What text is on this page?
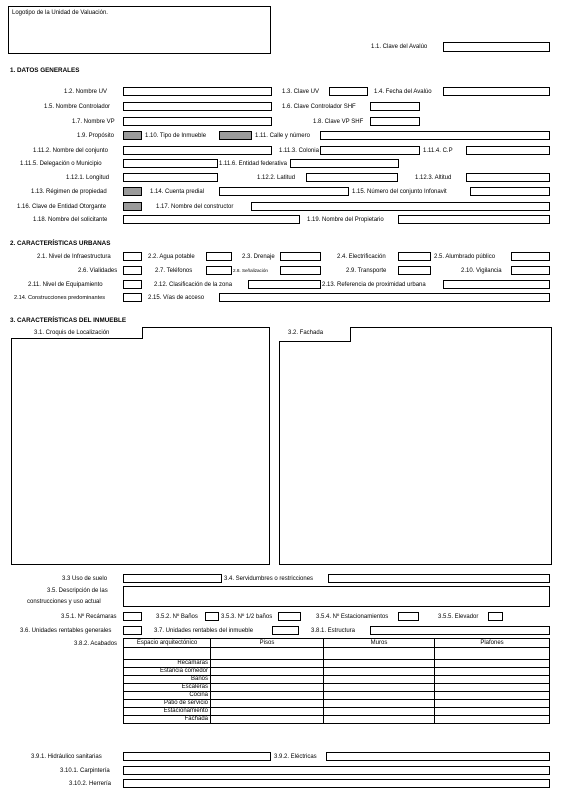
Logotipo de la Unidad de Valuación.
1.1. Clave del Avalúo
1. DATOS GENERALES
1.2. Nombre UV	1.3. Clave UV	1.4. Fecha del Avalúo
1.5. Nombre Controlador	1.6. Clave Controlador SHF
1.7. Nombre VP	1.8. Clave VP SHF
1.9. Propósito	1.10. Tipo de Inmueble	1.11. Calle y número
1.11.2. Nombre del conjunto	1.11.3. Colonia	1.11.4. C.P
1.11.5. Delegación o Municipio	1.11.6. Entidad federativa
1.12.1. Longitud	1.12.2. Latitud	1.12.3. Altitud
1.13. Régimen de propiedad	1.14. Cuenta predial	1.15. Número del conjunto Infonavit
1.16. Clave de Entidad Otorgante	1.17. Nombre del constructor
1.18. Nombre del solicitante	1.19. Nombre del Propietario
2. CARACTERÍSTICAS URBANAS
2.1. Nivel de Infraestructura	2.2. Agua potable	2.3. Drenaje	2.4. Electrificación	2.5. Alumbrado público
2.6. Vialidades	2.7. Teléfonos	2.8. Señalización	2.9. Transporte	2.10. Vigilancia
2.11. Nivel de Equipamiento	2.12. Clasificación de la zona	2.13. Referencia de proximidad urbana
2.14. Construcciones predominantes	2.15. Vías de acceso
3. CARACTERÍSTICAS DEL INMUEBLE
3.1. Croquis de Localización	3.2. Fachada
3.3 Uso de suelo	3.4. Servidumbres o restricciones
3.5. Descripción de las
construcciones y uso actual
3.5.1. Nº Recámaras	3.5.2. Nº Baños	3.5.3. Nº 1/2 baños	3.5.4. Nº Estacionamientos	3.5.5. Elevador
3.6. Unidades rentables generales	3.7. Unidades rentables del inmueble	3.8.1. Estructura
3.8.2. Acabados	Espacio arquitectónico	Pisos	Muros	Plafones

Recámaras			
Estancia comedor			
Baños			
Escaleras			
Cocina			
Patio de servicio			
Estacionamiento			
Fachada			
3.9.1. Hidráulico sanitarias	3.9.2. Eléctricas
3.10.1. Carpintería
3.10.2. Herrería
